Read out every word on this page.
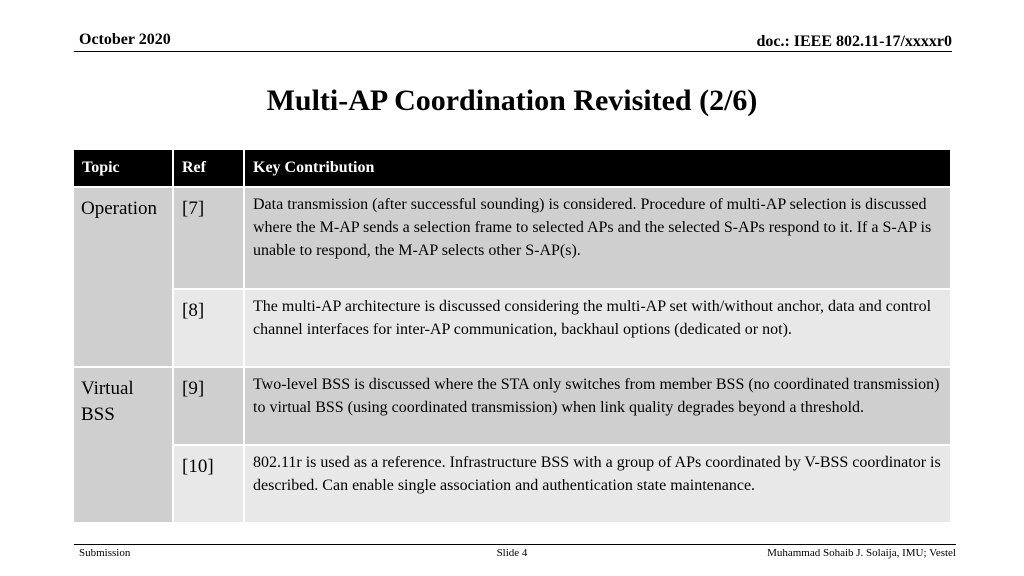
October 2020	doc.: IEEE 802.11-17/xxxxr0
Multi-AP Coordination Revisited (2/6)
Topic	Ref	Key Contribution
Operation	[7]	Data transmission (after successful sounding) is considered. Procedure of multi-AP selection is discussed where the M-AP sends a selection frame to selected APs and the selected S-APs respond to it. If a S-AP is unable to respond, the M-AP selects other S-AP(s).
	[8]	The multi-AP architecture is discussed considering the multi-AP set with/without anchor, data and control channel interfaces for inter-AP communication, backhaul options (dedicated or not).
Virtual BSS	[9]	Two-level BSS is discussed where the STA only switches from member BSS (no coordinated transmission) to virtual BSS (using coordinated transmission) when link quality degrades beyond a threshold.
	[10]	802.11r is used as a reference. Infrastructure BSS with a group of APs coordinated by V-BSS coordinator is described. Can enable single association and authentication state maintenance.
Submission	Slide 4	Muhammad Sohaib J. Solaija, IMU; Vestel
